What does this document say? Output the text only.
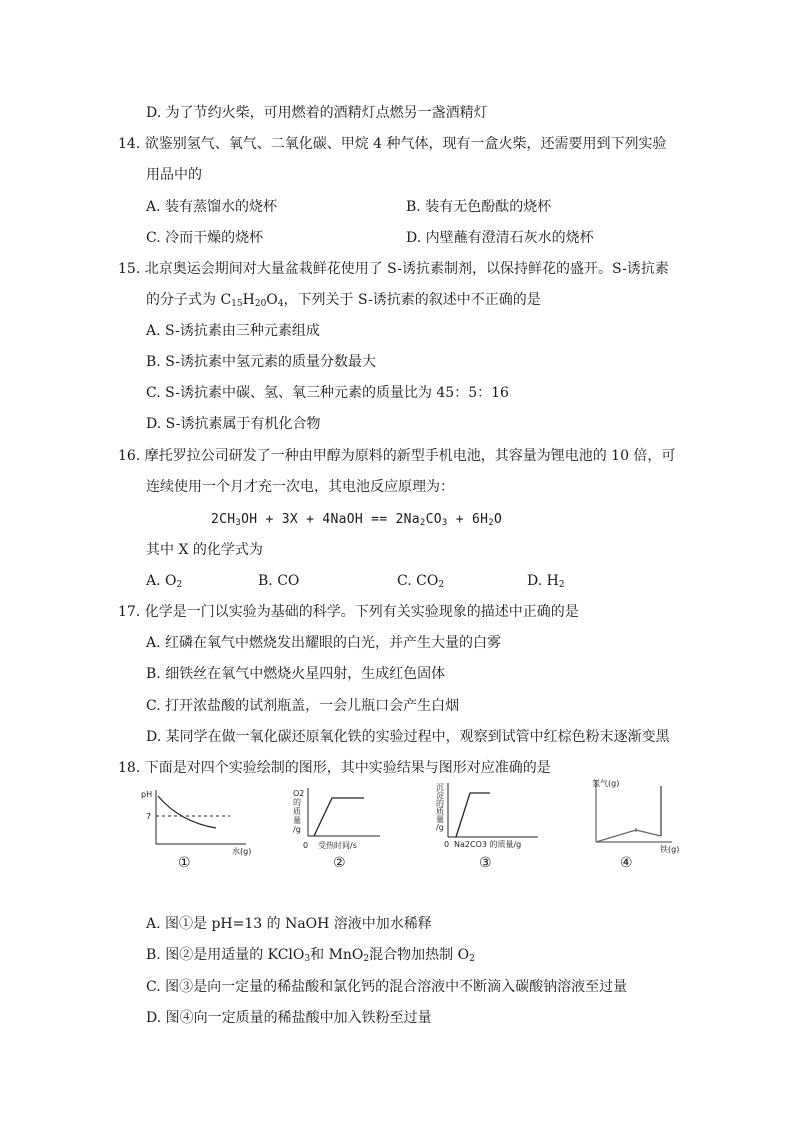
D. 为了节约火柴，可用燃着的酒精灯点燃另一盏酒精灯
14. 欲鉴别氢气、氧气、二氧化碳、甲烷 4 种气体，现有一盒火柴，还需要用到下列实验
用品中的
A. 装有蒸馏水的烧杯	B. 装有无色酚酞的烧杯
C. 冷而干燥的烧杯	D. 内壁蘸有澄清石灰水的烧杯
15. 北京奥运会期间对大量盆栽鲜花使用了 S-诱抗素制剂，以保持鲜花的盛开。S-诱抗素
的分子式为 $C_{15}H_{20}O_4$，下列关于 S-诱抗素的叙述中不正确的是
A. S-诱抗素由三种元素组成
B. S-诱抗素中氢元素的质量分数最大
C. S-诱抗素中碳、氢、氧三种元素的质量比为 45：5：16
D. S-诱抗素属于有机化合物
16. 摩托罗拉公司研发了一种由甲醇为原料的新型手机电池，其容量为锂电池的 10 倍，可
连续使用一个月才充一次电，其电池反应原理为：
$2CH_3OH + 3X$ + 4NaOH == $2Na_2CO_3 + 6H_2O$
其中 X 的化学式为
A. $O_2$	B. CO	C. $CO_2$	D. $H_2$
17. 化学是一门以实验为基础的科学。下列有关实验现象的描述中正确的是
A. 红磷在氧气中燃烧发出耀眼的白光，并产生大量的白雾
B. 细铁丝在氧气中燃烧火星四射，生成红色固体
C. 打开浓盐酸的试剂瓶盖，一会儿瓶口会产生白烟
D. 某同学在做一氧化碳还原氧化铁的实验过程中，观察到试管中红棕色粉末逐渐变黑
18. 下面是对四个实验绘制的图形，其中实验结果与图形对应准确的是
pH
7
水(g)
①
O2
的
质
量
/g
0 受热时间/s
②
沉
淀
的
质
量
/g
0 Na2CO3 的质量/g
③
氢气(g)
铁(g)
④
A. 图①是 pH=13 的 NaOH 溶液中加水稀释
B. 图②是用适量的 KClO$_3$和 MnO$_2$混合物加热制 $O_2$
C. 图③是向一定量的稀盐酸和氯化钙的混合溶液中不断滴入碳酸钠溶液至过量
D. 图④向一定质量的稀盐酸中加入铁粉至过量
